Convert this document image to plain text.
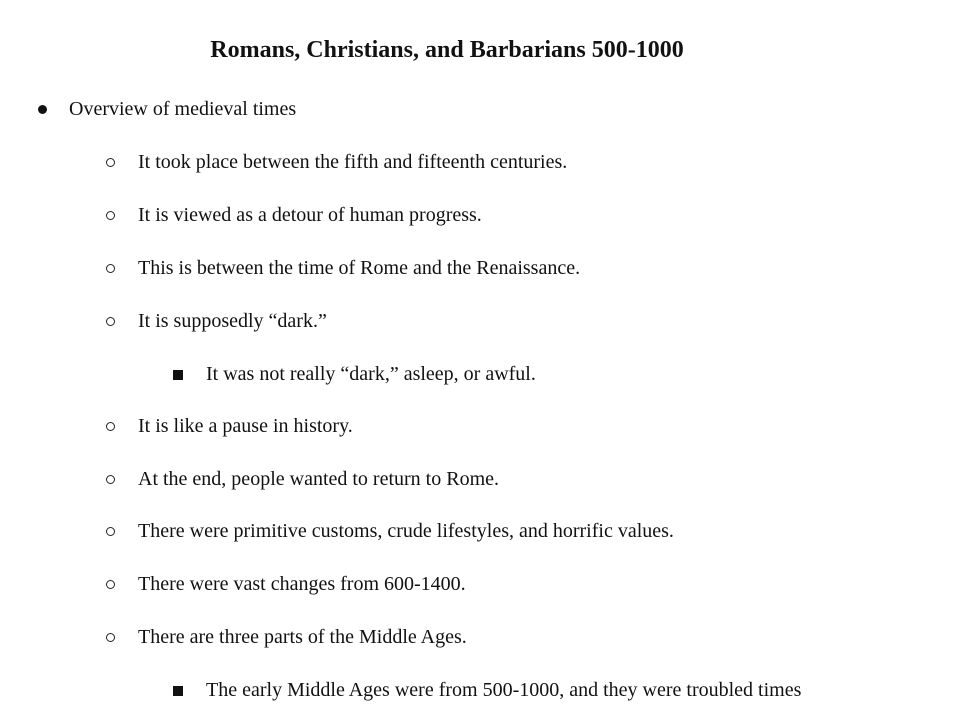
Romans, Christians, and Barbarians 500-1000
Overview of medieval times
It took place between the fifth and fifteenth centuries.
It is viewed as a detour of human progress.
This is between the time of Rome and the Renaissance.
It is supposedly “dark.”
It was not really “dark,” asleep, or awful.
It is like a pause in history.
At the end, people wanted to return to Rome.
There were primitive customs, crude lifestyles, and horrific values.
There were vast changes from 600-1400.
There are three parts of the Middle Ages.
The early Middle Ages were from 500-1000, and they were troubled times
